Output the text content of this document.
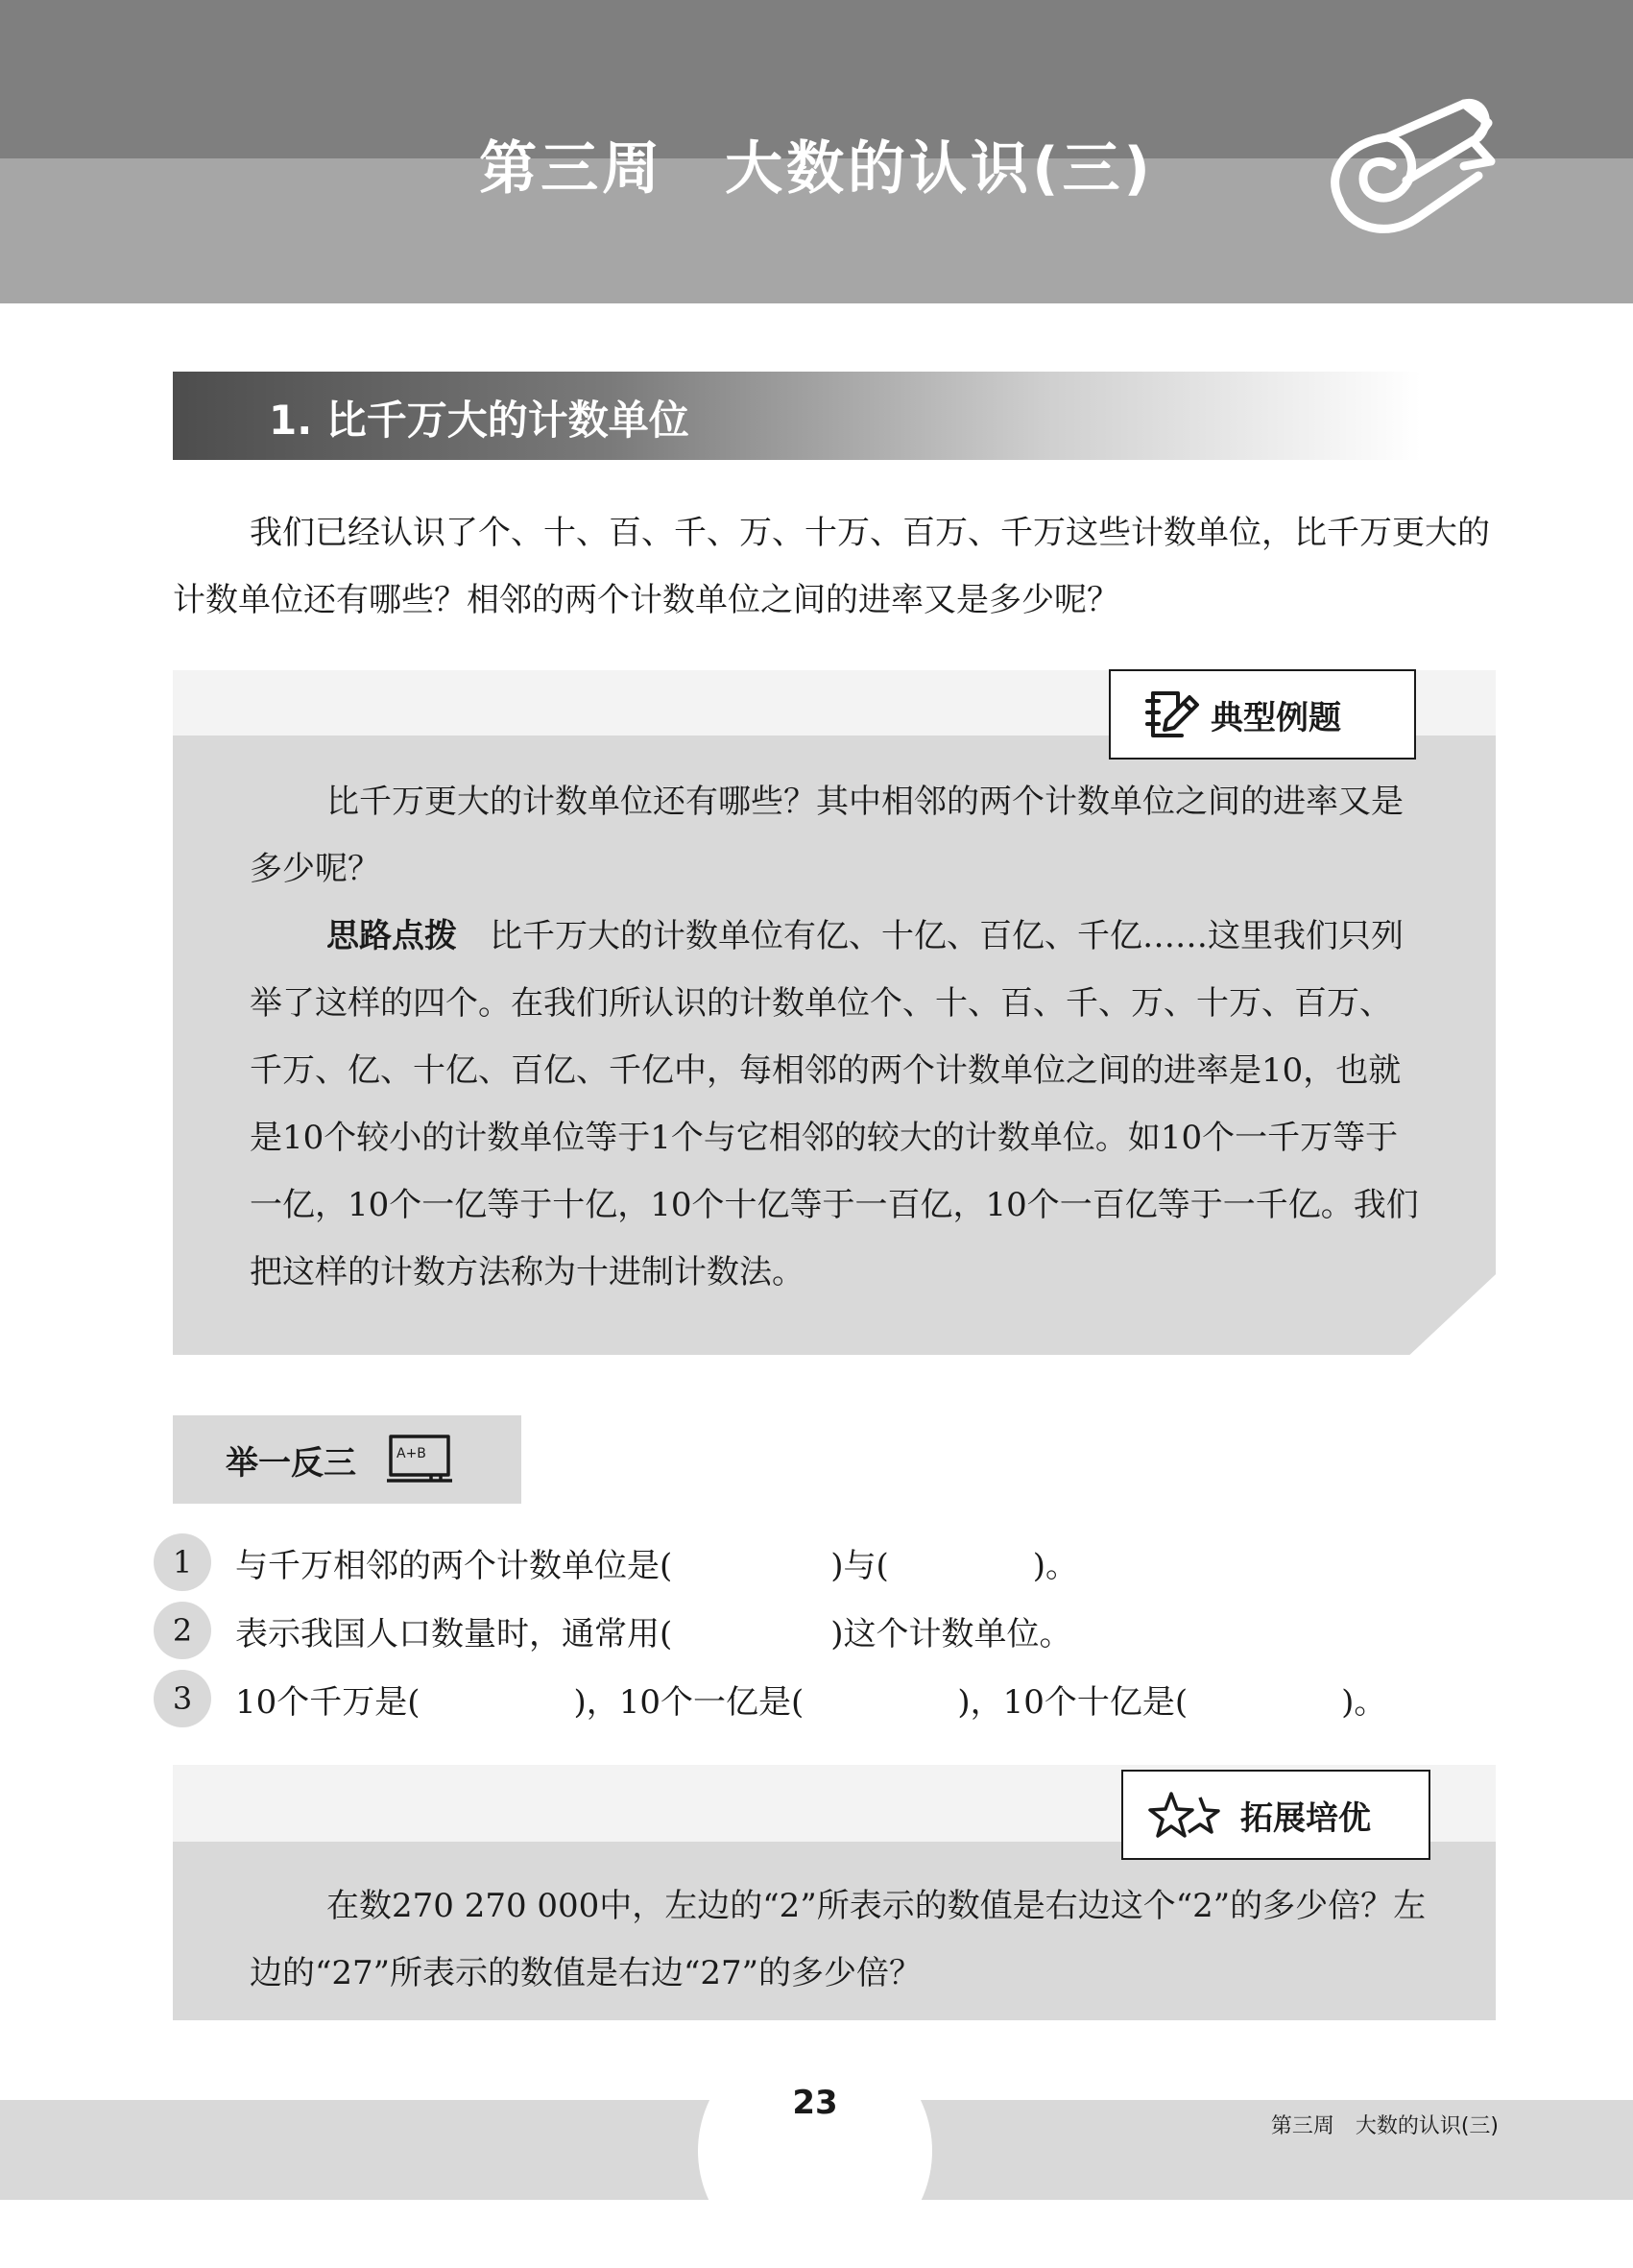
第三周　大数的认识(三)
1. 比千万大的计数单位

我们已经认识了个、十、百、千、万、十万、百万、千万这些计数单位，比千万更大的计数单位还有哪些？相邻的两个计数单位之间的进率又是多少呢？

典型例题

比千万更大的计数单位还有哪些？其中相邻的两个计数单位之间的进率又是多少呢？

思路点拨　 比千万大的计数单位有亿、十亿、百亿、千亿……这里我们只列举了这样的四个。在我们所认识的计数单位个、十、百、千、万、十万、百万、千万、亿、十亿、百亿、千亿中，每相邻的两个计数单位之间的进率是10，也就是10个较小的计数单位等于1个与它相邻的较大的计数单位。如10个一千万等于一亿，10个一亿等于十亿，10个十亿等于一百亿，10个一百亿等于一千亿。我们把这样的计数方法称为十进制计数法。

举一反三	A+B
1	与千万相邻的两个计数单位是(	)与(	)。
2	表示我国人口数量时，通常用(	)这个计数单位。
3	10个千万是(	)，10个一亿是(	)，10个十亿是(	)。
拓展培优

在数270 270 000中，左边的“2”所表示的数值是右边这个“2”的多少倍？左边的“27”所表示的数值是右边“27”的多少倍？

23
第三周　大数的认识(三)
